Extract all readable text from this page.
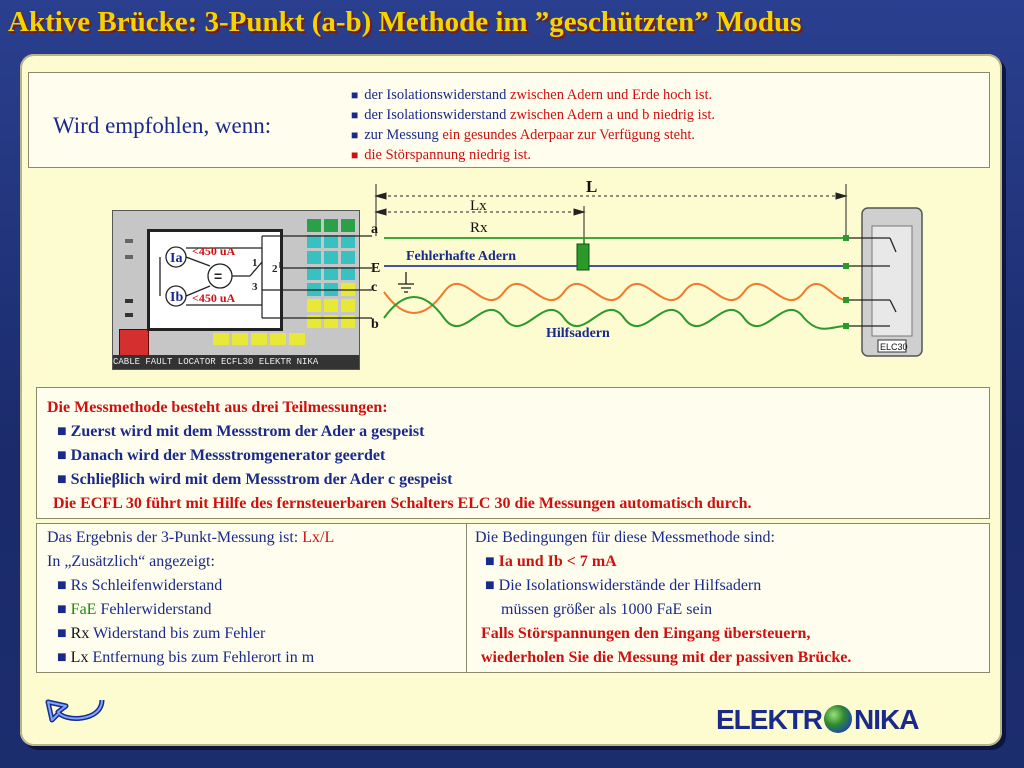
Aktive Brücke: 3-Punkt (a-b) Methode im ”geschützten” Modus
Wird empfohlen, wenn:
■ der Isolationswiderstand zwischen Adern und Erde hoch ist.
■ der Isolationswiderstand zwischen Adern a und b niedrig ist.
■ zur Messung ein gesundes Aderpaar zur Verfügung steht.
■ die Störspannung niedrig ist.
CABLE FAULT LOCATOR ECFL30 ELEKTR NIKA
Ia
Ib
=
<450 uA
<450 uA
1 2
3
L
Lx
Rx
a
E
c
b
Fehlerhafte Adern
Hilfsadern
ELC30
Die Messmethode besteht aus drei Teilmessungen:
■ Zuerst wird mit dem Messstrom der Ader a gespeist
■ Danach wird der Messstromgenerator geerdet
■ Schlieβlich wird mit dem Messstrom der Ader c gespeist
Die ECFL 30 führt mit Hilfe des fernsteuerbaren Schalters ELC 30 die Messungen automatisch durch.
Das Ergebnis der 3-Punkt-Messung ist: Lx/L
In „Zusätzlich“ angezeigt:
■ Rs Schleifenwiderstand
■ FaE Fehlerwiderstand
■ Rx Widerstand bis zum Fehler
■ Lx Entfernung bis zum Fehlerort in m
Die Bedingungen für diese Messmethode sind:
■ Ia und Ib < 7 mA
■ Die Isolationswiderstände der Hilfsadern
müssen größer als 1000 FaE sein
Falls Störspannungen den Eingang übersteuern,
wiederholen Sie die Messung mit der passiven Brücke.
ELEKTR NIKA
